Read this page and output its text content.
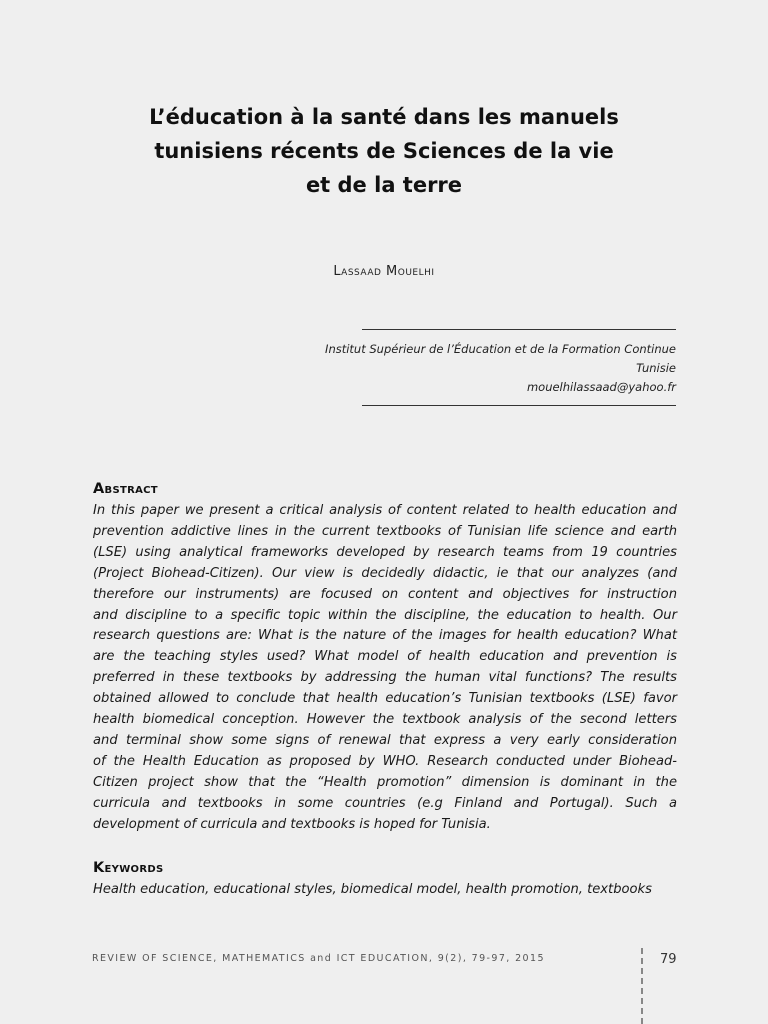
L’éducation à la santé dans les manuels
tunisiens récents de Sciences de la vie
et de la terre
Lassaad Mouelhi
Institut Supérieur de l’Éducation et de la Formation Continue
Tunisie
mouelhilassaad@yahoo.fr
Abstract
In this paper we present a critical analysis of content related to health education and
prevention addictive lines in the current textbooks of Tunisian life science and earth
(LSE) using analytical frameworks developed by research teams from 19 countries
(Project Biohead-Citizen). Our view is decidedly didactic, ie that our analyzes (and
therefore our instruments) are focused on content and objectives for instruction
and discipline to a specific topic within the discipline, the education to health. Our
research questions are: What is the nature of the images for health education? What
are the teaching styles used? What model of health education and prevention is
preferred in these textbooks by addressing the human vital functions? The results
obtained allowed to conclude that health education’s Tunisian textbooks (LSE) favor
health biomedical conception. However the textbook analysis of the second letters
and terminal show some signs of renewal that express a very early consideration
of the Health Education as proposed by WHO. Research conducted under Biohead-
Citizen project show that the “Health promotion” dimension is dominant in the
curricula and textbooks in some countries (e.g Finland and Portugal). Such a
development of curricula and textbooks is hoped for Tunisia.
Keywords
Health education, educational styles, biomedical model, health promotion, textbooks
REVIEW OF SCIENCE, MATHEMATICS and ICT EDUCATION, 9(2), 79-97, 2015	79
